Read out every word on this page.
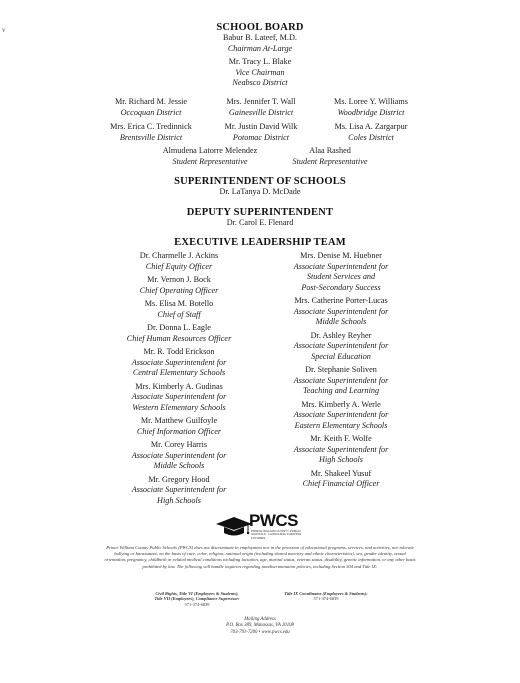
v	SCHOOL BOARD
Babur B. Lateef, M.D.
Chairman At-Large
Mr. Tracy L. Blake
Vice Chairman
Neabsco District
Mr. Richard M. Jessie
Occoquan District
Mrs. Jennifer T. Wall
Gainesville District
Ms. Loree Y. Williams
Woodbridge District
Mrs. Erica C. Tredinnick
Brentsville District
Mr. Justin David Wilk
Potomac District
Ms. Lisa A. Zargarpur
Coles District
Almudena Latorre Melendez
Student Representative
Alaa Rashed
Student Representative
SUPERINTENDENT OF SCHOOLS
Dr. LaTanya D. McDade
DEPUTY SUPERINTENDENT
Dr. Carol E. Flenard
EXECUTIVE LEADERSHIP TEAM
Dr. Charmelle J. Ackins
Chief Equity Officer
Mr. Vernon J. Bock
Chief Operating Officer
Ms. Elisa M. Botello
Chief of Staff
Dr. Donna L. Eagle
Chief Human Resources Officer
Mr. R. Todd Erickson
Associate Superintendent for
Central Elementary Schools
Mrs. Kimberly A. Gudinas
Associate Superintendent for
Western Elementary Schools
Mr. Matthew Guilfoyle
Chief Information Officer
Mr. Corey Harris
Associate Superintendent for
Middle Schools
Mr. Gregory Hood
Associate Superintendent for
High Schools
Mrs. Denise M. Huebner
Associate Superintendent for
Student Services and
Post-Secondary Success
Mrs. Catherine Porter-Lucas
Associate Superintendent for
Middle Schools
Dr. Ashley Reyher
Associate Superintendent for
Special Education
Dr. Stephanie Soliven
Associate Superintendent for
Teaching and Learning
Mrs. Kimberly A. Werle
Associate Superintendent for
Eastern Elementary Schools
Mr. Keith F. Wolfe
Associate Superintendent for
High Schools
Mr. Shakeel Yusuf
Chief Financial Officer
PWCS
PRINCE WILLIAM COUNTY PUBLIC SCHOOLS · LAUNCHING THRIVING FUTURES
Prince William County Public Schools (PWCS) does not discriminate in employment nor in the provision of educational programs, services, and activities, nor tolerate bullying or harassment, on the basis of race, color, religion, national origin (including shared ancestry and ethnic characteristics), sex, gender identity, sexual orientation, pregnancy, childbirth or related medical conditions including lactation, age, marital status, veteran status, disability, genetic information, or any other basis prohibited by law. The following will handle inquiries regarding nondiscrimination policies, including Section 504 and Title IX:
Civil Rights, Title VI (Employees & Students),
Title VII (Employees), Compliance Supervisor:
571-374-6839
Title IX Coordinator (Employees & Students):
571-374-6839
Mailing Address
P.O. Box 389, Manassas, VA 20108
703-791-7200 • www.pwcs.edu
